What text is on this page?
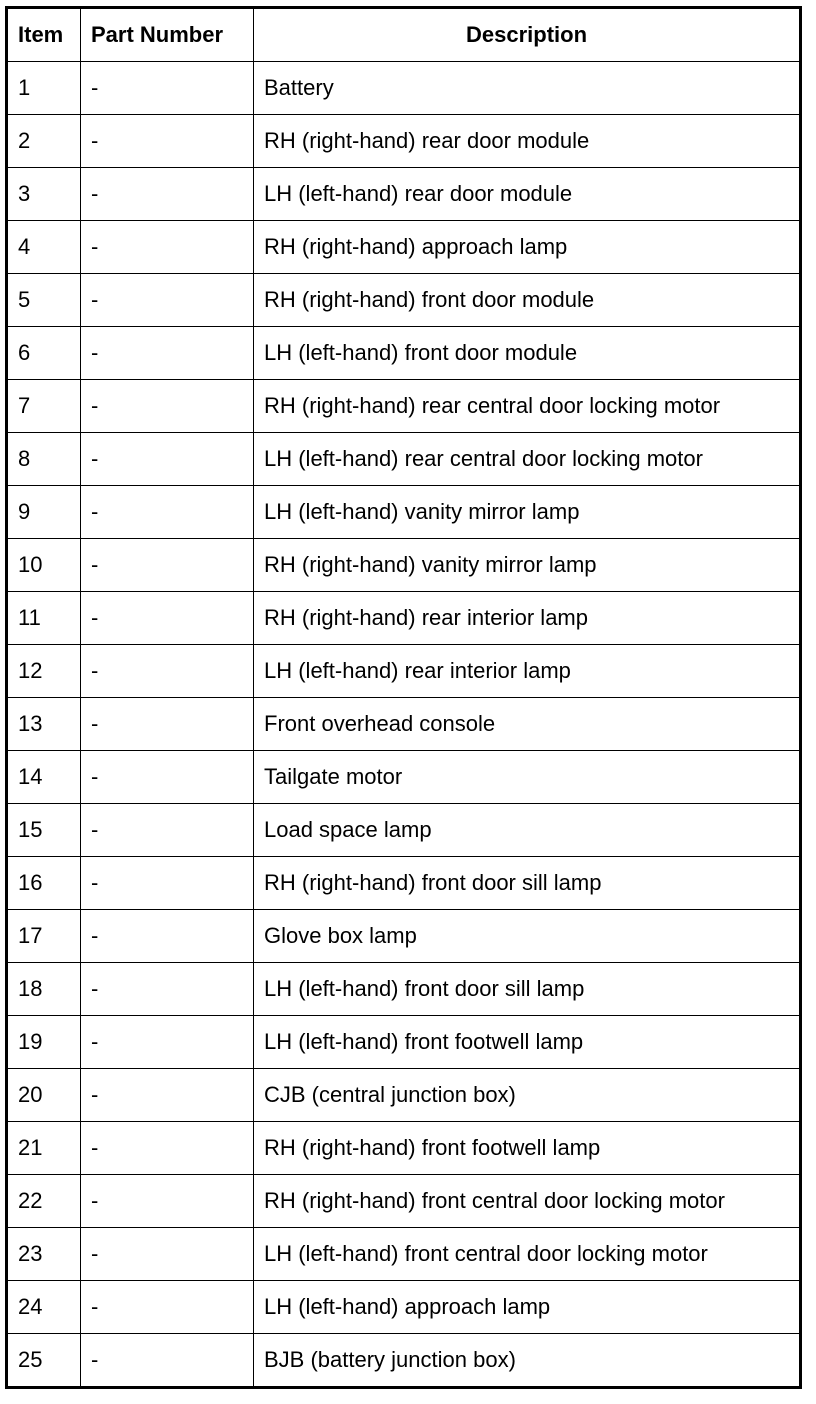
Item	Part Number	Description
1	-	Battery
2	-	RH (right-hand) rear door module
3	-	LH (left-hand) rear door module
4	-	RH (right-hand) approach lamp
5	-	RH (right-hand) front door module
6	-	LH (left-hand) front door module
7	-	RH (right-hand) rear central door locking motor
8	-	LH (left-hand) rear central door locking motor
9	-	LH (left-hand) vanity mirror lamp
10	-	RH (right-hand) vanity mirror lamp
11	-	RH (right-hand) rear interior lamp
12	-	LH (left-hand) rear interior lamp
13	-	Front overhead console
14	-	Tailgate motor
15	-	Load space lamp
16	-	RH (right-hand) front door sill lamp
17	-	Glove box lamp
18	-	LH (left-hand) front door sill lamp
19	-	LH (left-hand) front footwell lamp
20	-	CJB (central junction box)
21	-	RH (right-hand) front footwell lamp
22	-	RH (right-hand) front central door locking motor
23	-	LH (left-hand) front central door locking motor
24	-	LH (left-hand) approach lamp
25	-	BJB (battery junction box)
